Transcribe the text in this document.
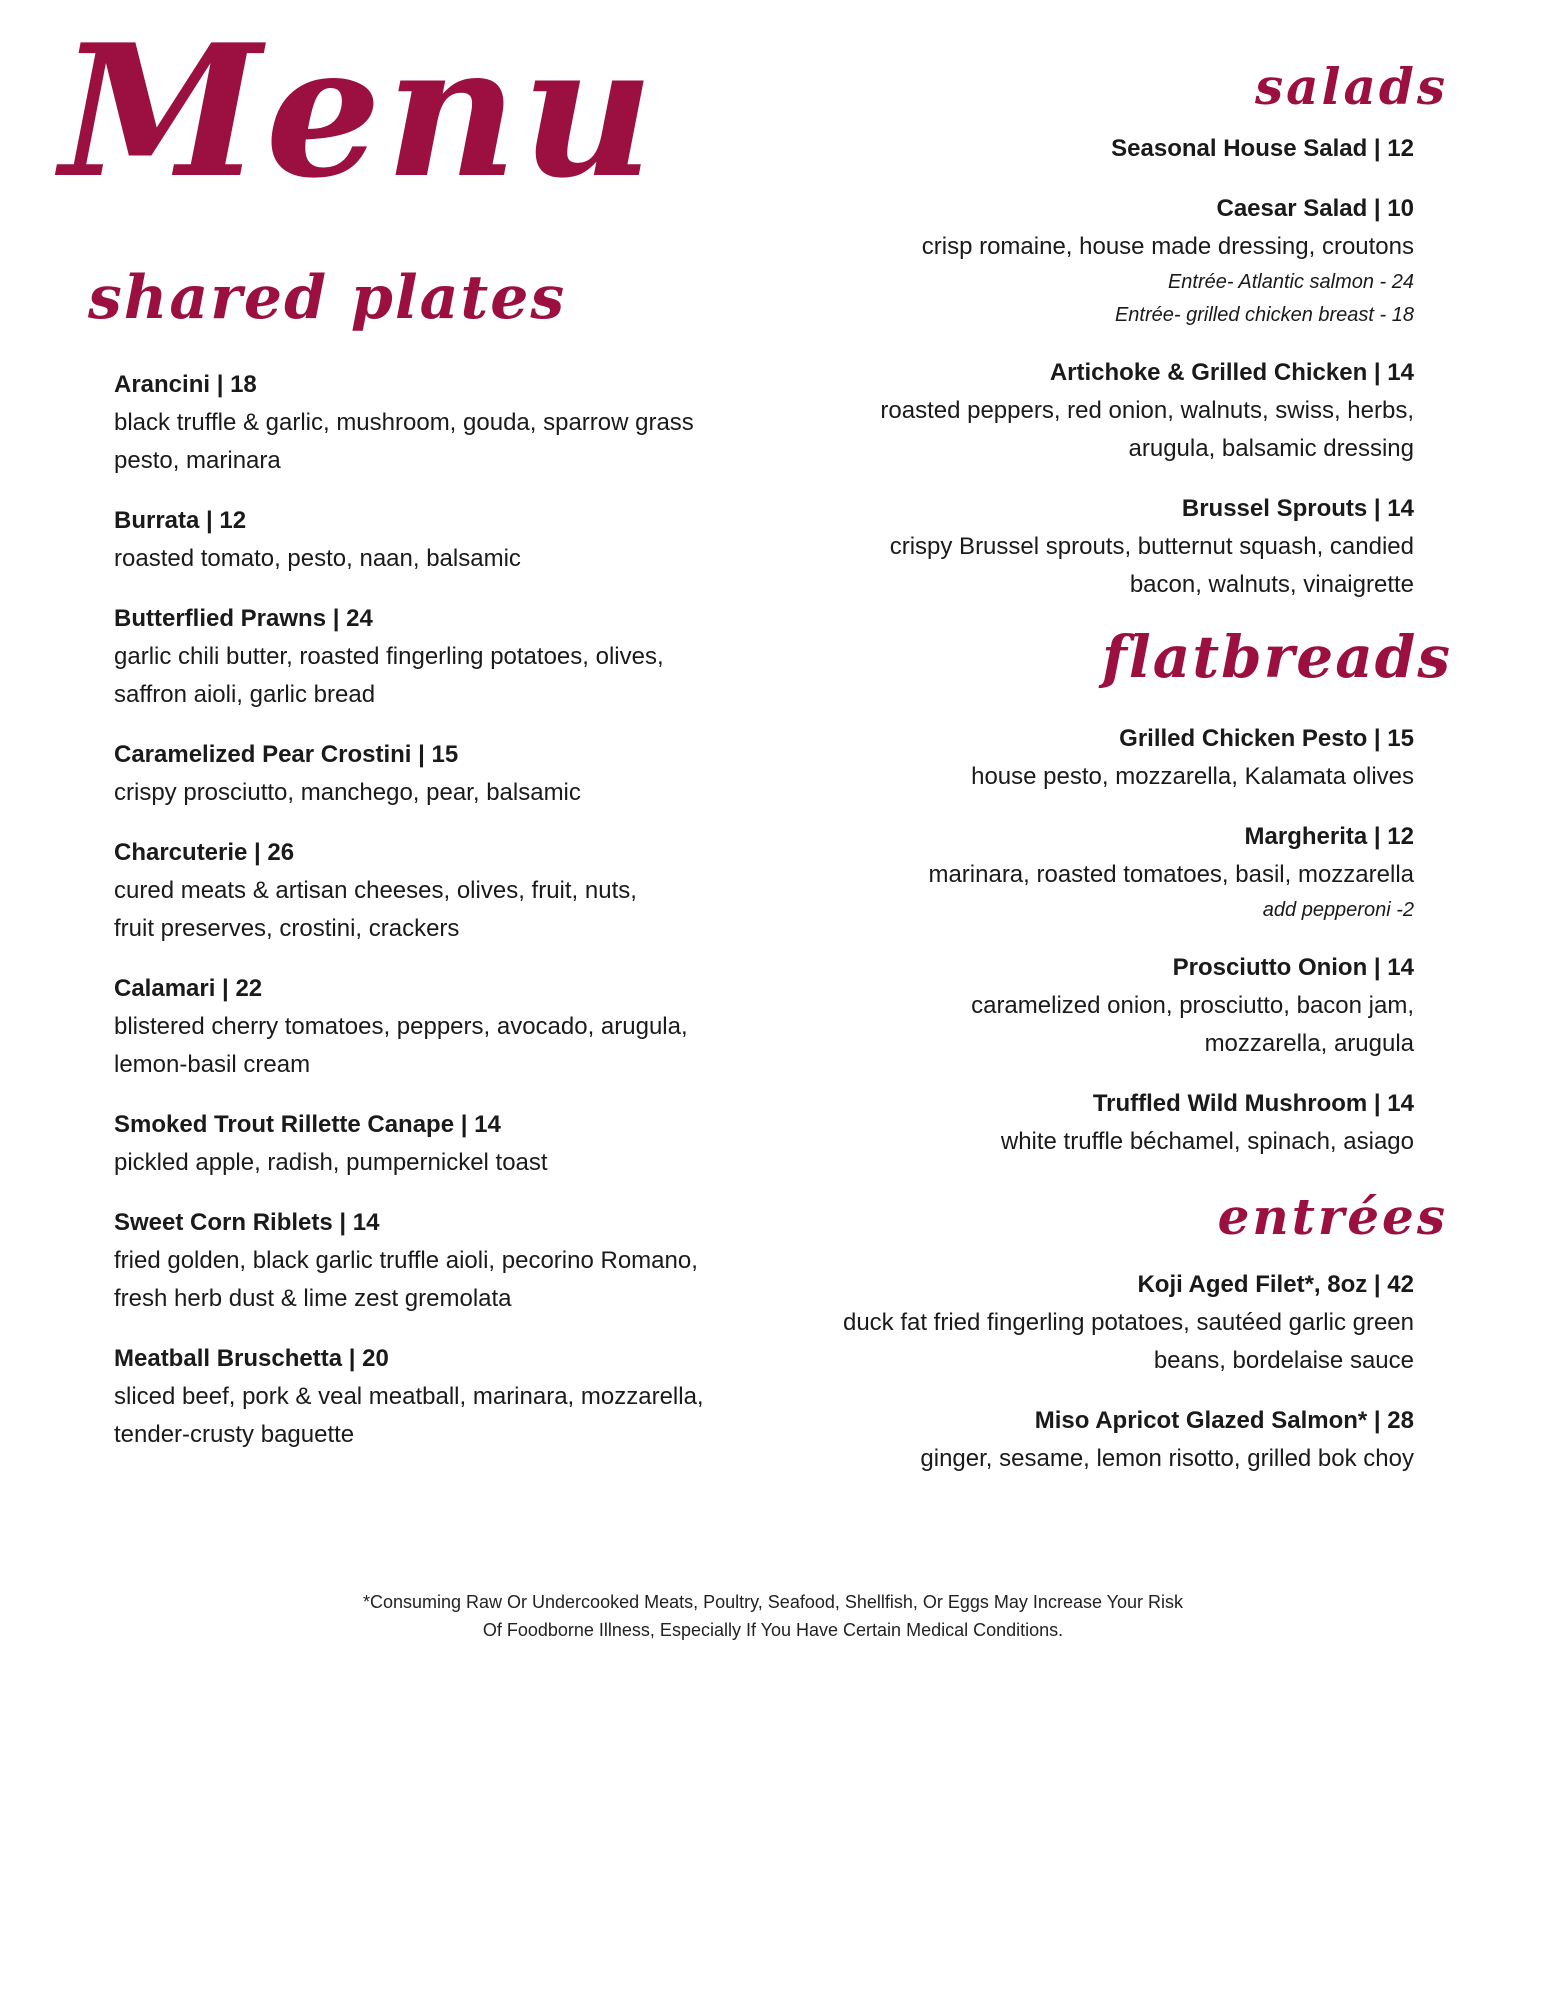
Menu
shared plates
Arancini | 18
black truffle & garlic, mushroom, gouda, sparrow grass
pesto, marinara
Burrata | 12
roasted tomato, pesto, naan, balsamic
Butterflied Prawns | 24
garlic chili butter, roasted fingerling potatoes, olives,
saffron aioli, garlic bread
Caramelized Pear Crostini | 15
crispy prosciutto, manchego, pear, balsamic
Charcuterie | 26
cured meats & artisan cheeses, olives, fruit, nuts,
fruit preserves, crostini, crackers
Calamari | 22
blistered cherry tomatoes, peppers, avocado, arugula,
lemon-basil cream
Smoked Trout Rillette Canape | 14
pickled apple, radish, pumpernickel toast
Sweet Corn Riblets | 14
fried golden, black garlic truffle aioli, pecorino Romano,
fresh herb dust & lime zest gremolata
Meatball Bruschetta | 20
sliced beef, pork & veal meatball, marinara, mozzarella,
tender-crusty baguette
salads
Seasonal House Salad | 12
Caesar Salad | 10
crisp romaine, house made dressing, croutons
Entrée- Atlantic salmon - 24
Entrée- grilled chicken breast - 18
Artichoke & Grilled Chicken | 14
roasted peppers, red onion, walnuts, swiss, herbs,
arugula, balsamic dressing
Brussel Sprouts | 14
crispy Brussel sprouts, butternut squash, candied
bacon, walnuts, vinaigrette
flatbreads
Grilled Chicken Pesto | 15
house pesto, mozzarella, Kalamata olives
Margherita | 12
marinara, roasted tomatoes, basil, mozzarella
add pepperoni -2
Prosciutto Onion | 14
caramelized onion, prosciutto, bacon jam,
mozzarella, arugula
Truffled Wild Mushroom | 14
white truffle béchamel, spinach, asiago
entrées
Koji Aged Filet*, 8oz | 42
duck fat fried fingerling potatoes, sautéed garlic green
beans, bordelaise sauce
Miso Apricot Glazed Salmon* | 28
ginger, sesame, lemon risotto, grilled bok choy
*Consuming Raw Or Undercooked Meats, Poultry, Seafood, Shellfish, Or Eggs May Increase Your Risk
Of Foodborne Illness, Especially If You Have Certain Medical Conditions.
